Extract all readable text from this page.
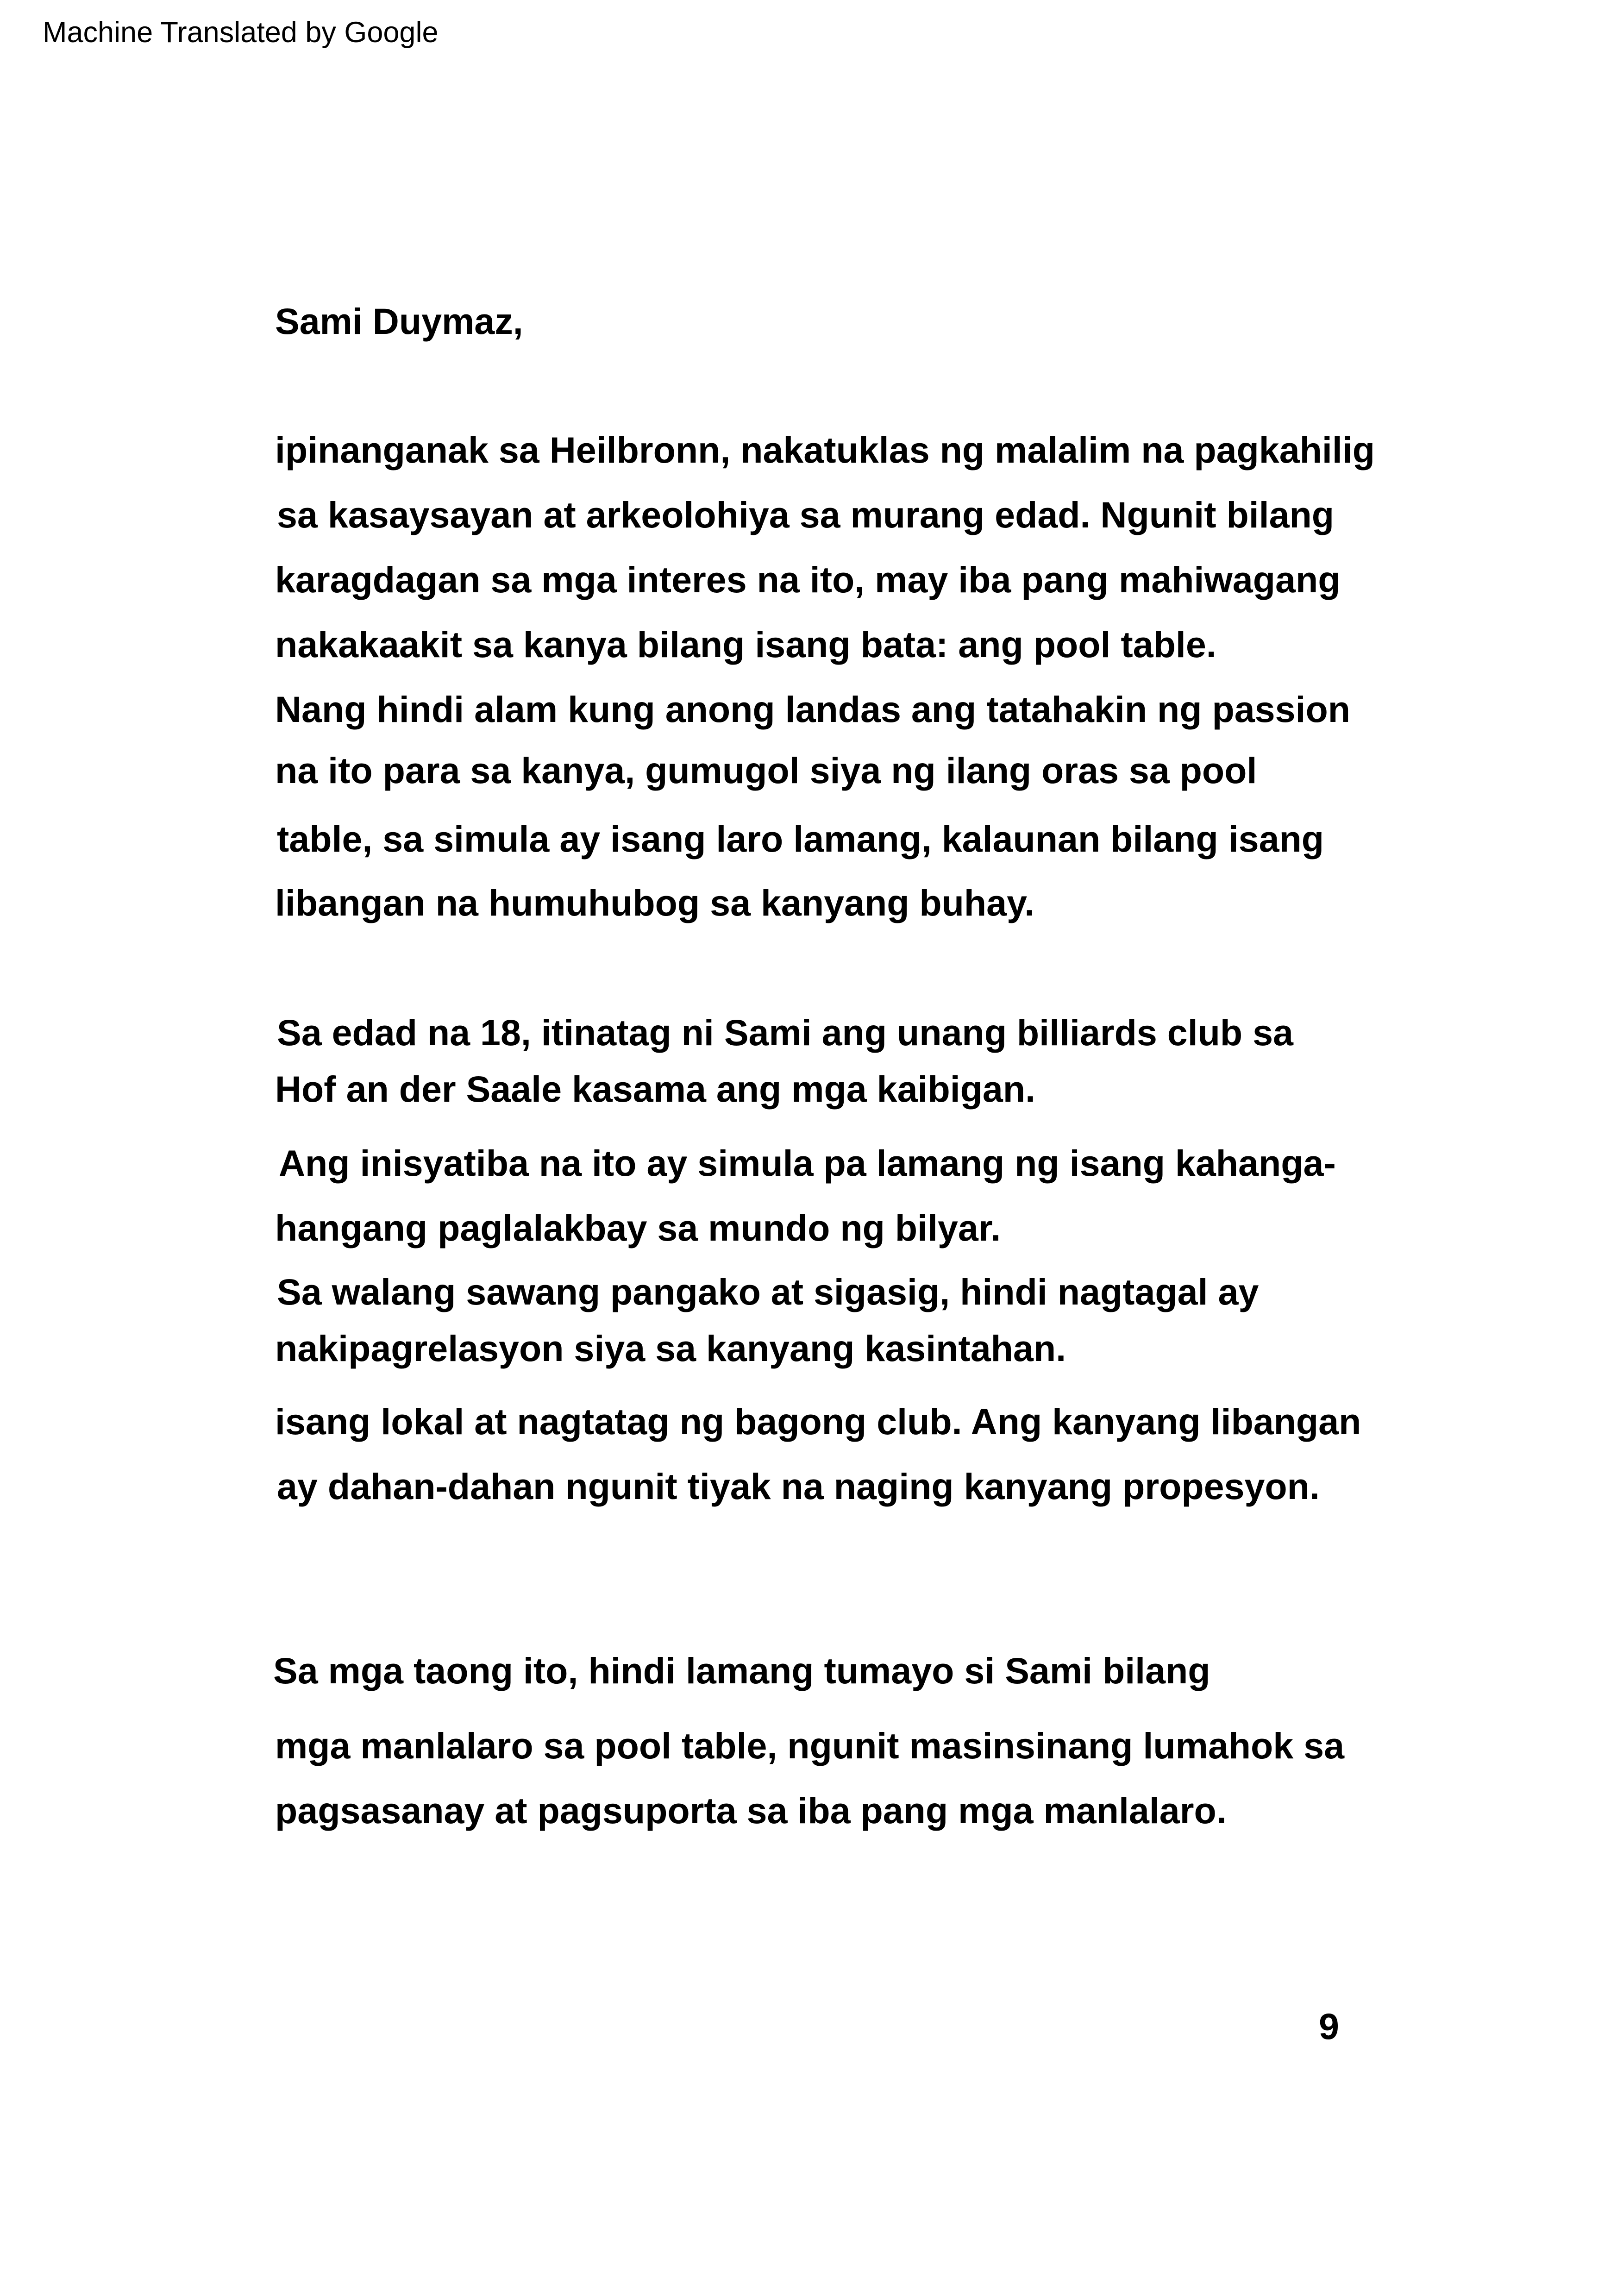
Machine Translated by Google
Sami Duymaz,
ipinanganak sa Heilbronn, nakatuklas ng malalim na pagkahilig
sa kasaysayan at arkeolohiya sa murang edad. Ngunit bilang
karagdagan sa mga interes na ito, may iba pang mahiwagang
nakakaakit sa kanya bilang isang bata: ang pool table.
Nang hindi alam kung anong landas ang tatahakin ng passion
na ito para sa kanya, gumugol siya ng ilang oras sa pool
table, sa simula ay isang laro lamang, kalaunan bilang isang
libangan na humuhubog sa kanyang buhay.
Sa edad na 18, itinatag ni Sami ang unang billiards club sa
Hof an der Saale kasama ang mga kaibigan.
Ang inisyatiba na ito ay simula pa lamang ng isang kahanga-
hangang paglalakbay sa mundo ng bilyar.
Sa walang sawang pangako at sigasig, hindi nagtagal ay
nakipagrelasyon siya sa kanyang kasintahan.
isang lokal at nagtatag ng bagong club. Ang kanyang libangan
ay dahan-dahan ngunit tiyak na naging kanyang propesyon.
Sa mga taong ito, hindi lamang tumayo si Sami bilang
mga manlalaro sa pool table, ngunit masinsinang lumahok sa
pagsasanay at pagsuporta sa iba pang mga manlalaro.
9
